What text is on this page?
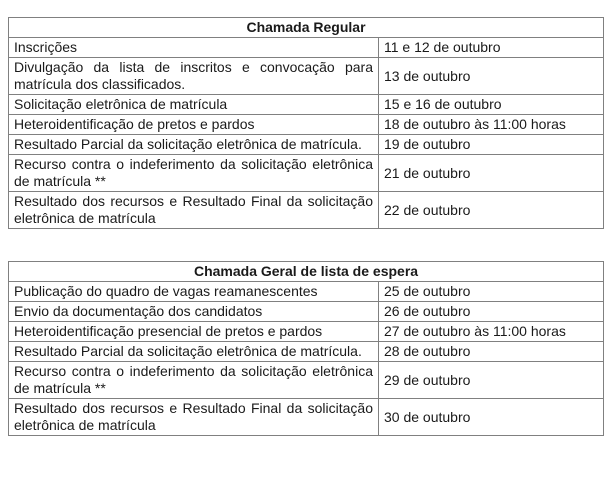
Chamada Regular	
Inscrições	11 e 12 de outubro
Divulgação da lista de inscritos e convocação para matrícula dos classificados.	13 de outubro
Solicitação eletrônica de matrícula	15 e 16 de outubro
Heteroidentificação de pretos e pardos	18 de outubro às 11:00 horas
Resultado Parcial da solicitação eletrônica de matrícula.	19 de outubro
Recurso contra o indeferimento da solicitação eletrônica de matrícula **	21 de outubro
Resultado dos recursos e Resultado Final da solicitação eletrônica de matrícula	22 de outubro
Chamada Geral de lista de espera	
Publicação do quadro de vagas reamanescentes	25 de outubro
Envio da documentação dos candidatos	26 de outubro
Heteroidentificação presencial de pretos e pardos	27 de outubro às 11:00 horas
Resultado Parcial da solicitação eletrônica de matrícula.	28 de outubro
Recurso contra o indeferimento da solicitação eletrônica de matrícula **	29 de outubro
Resultado dos recursos e Resultado Final da solicitação eletrônica de matrícula	30 de outubro
